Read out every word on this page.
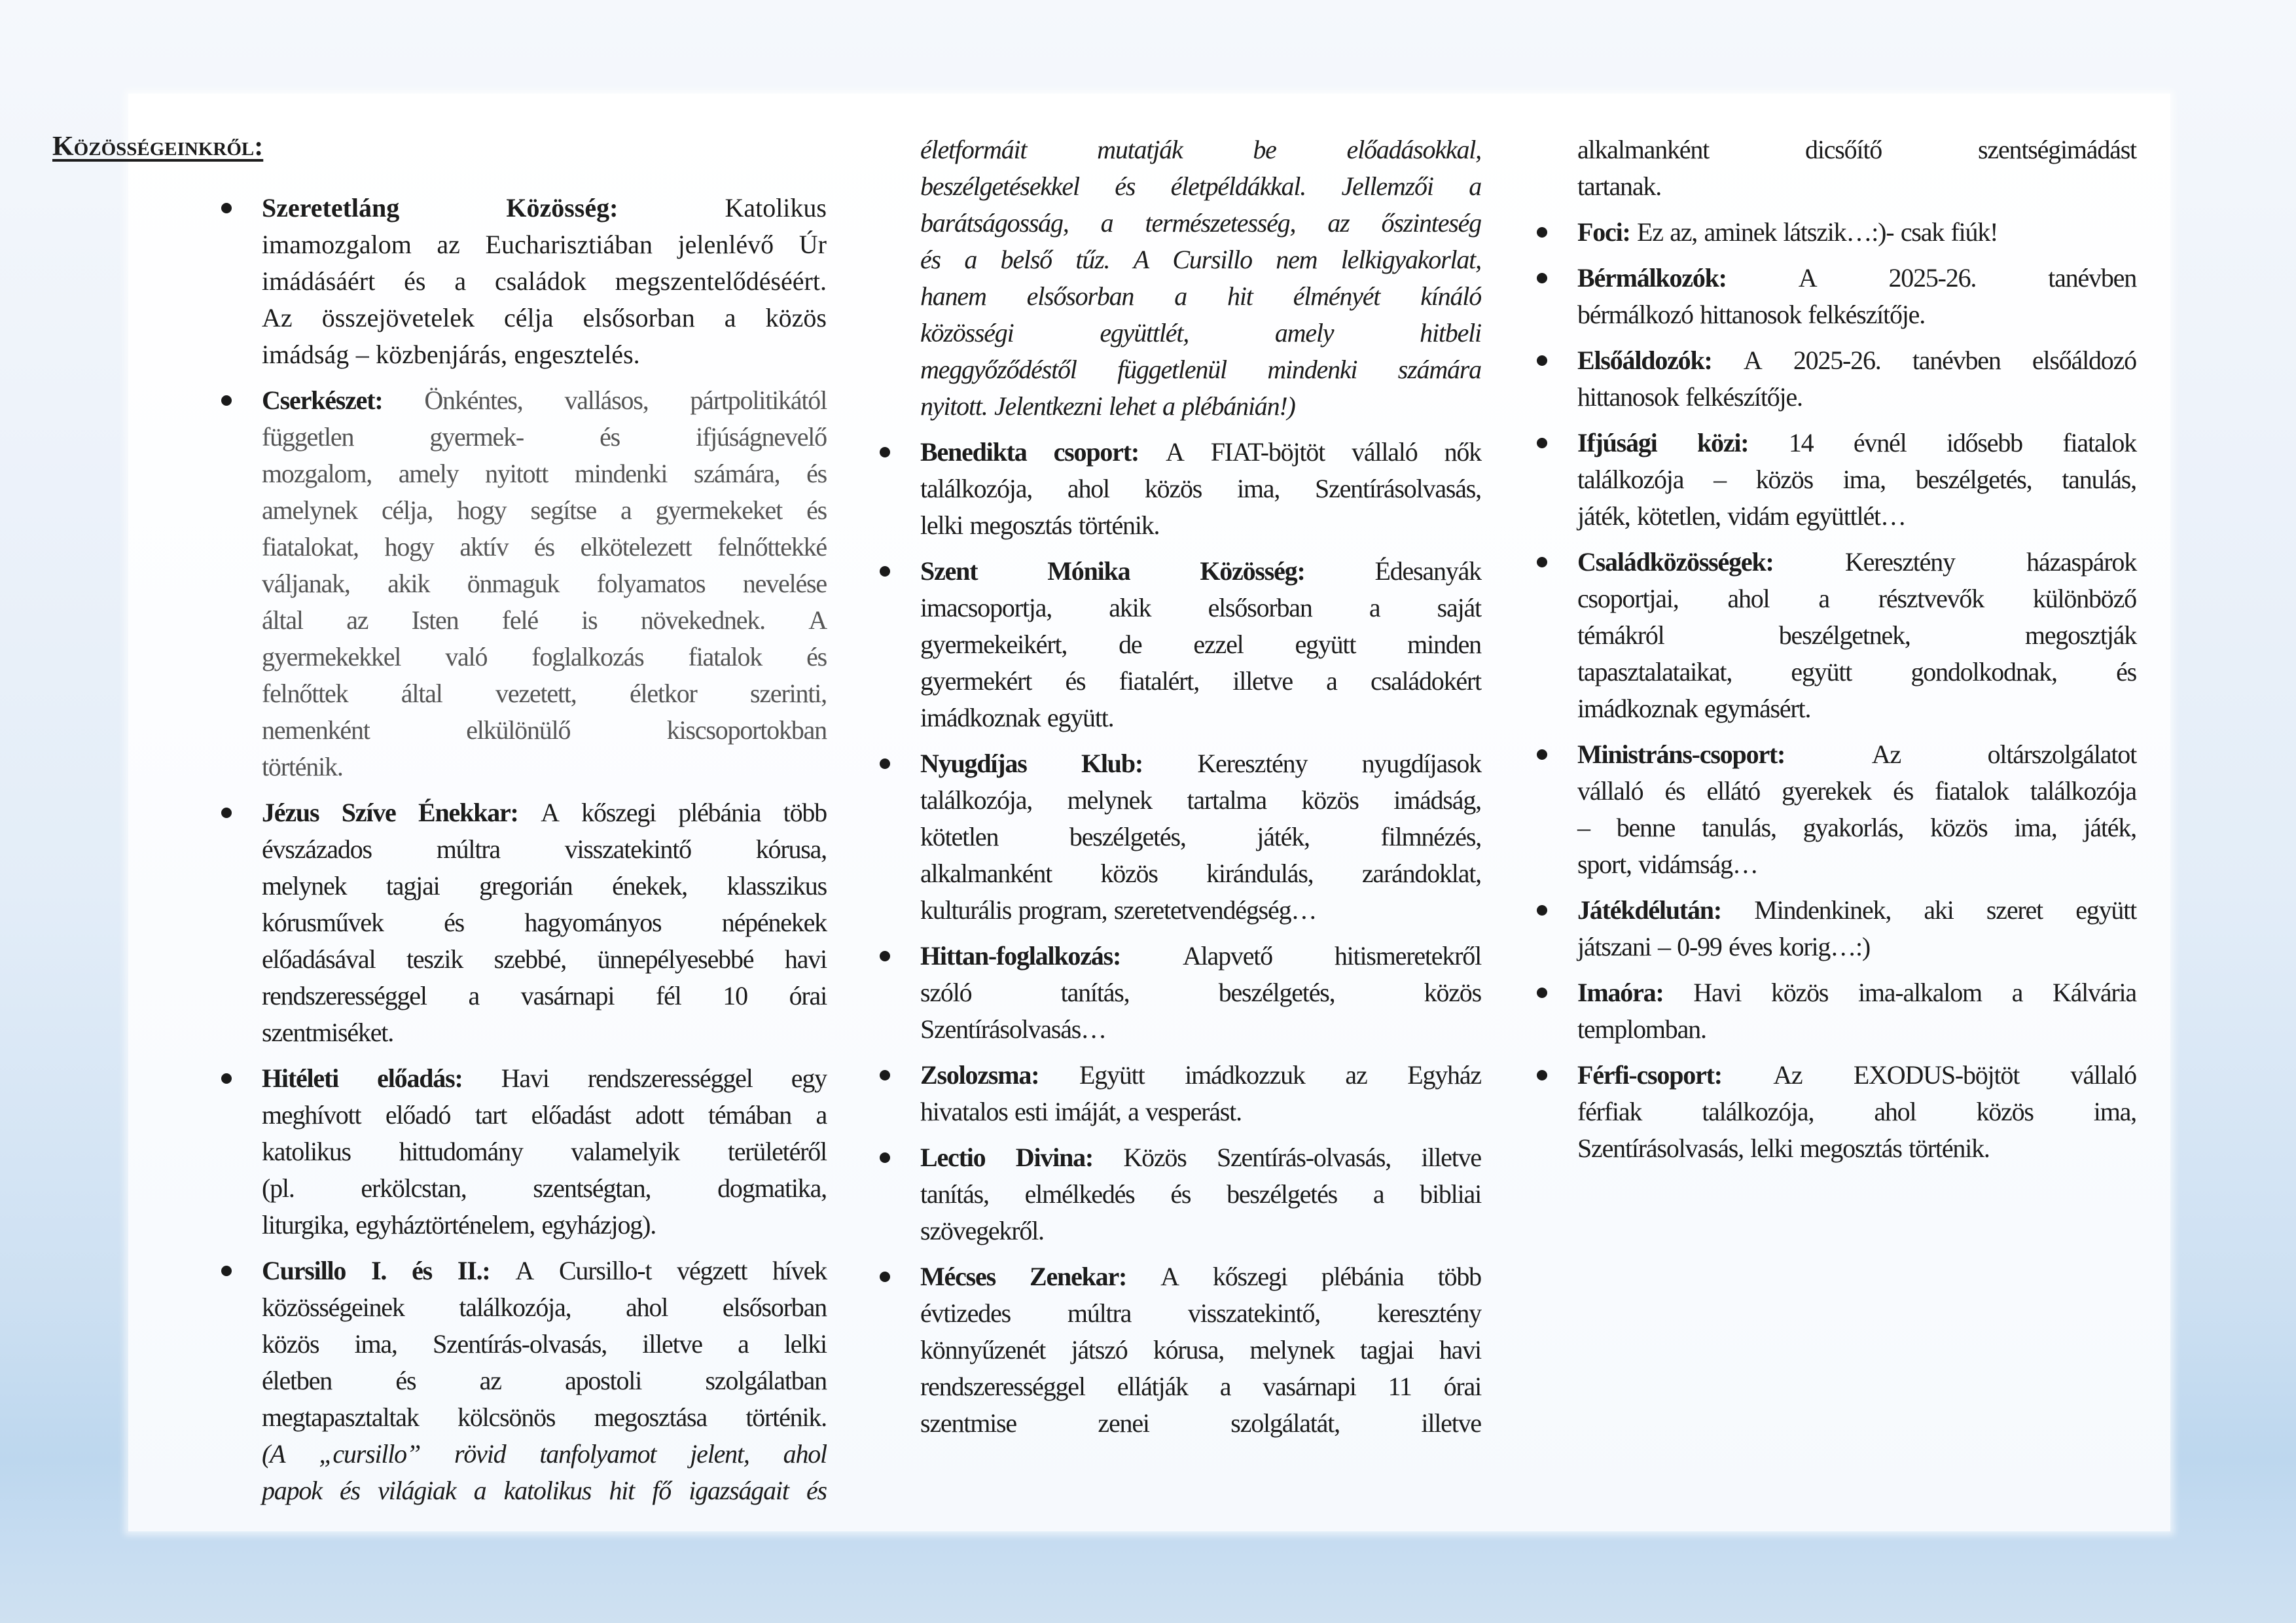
Közösségeinkről:
Szeretetláng	Közösség:	Katolikus
imamozgalom az Eucharisztiában jelenlévő Úr
imádásáért és a családok megszentelődéséért.
Az összejövetelek célja elsősorban a közös
imádság – közbenjárás, engesztelés.
Cserkészet: Önkéntes, vallásos, pártpolitikától
független	gyermek-	és	ifjúságnevelő
mozgalom, amely nyitott mindenki számára, és
amelynek célja, hogy segítse a gyermekeket és
fiatalokat, hogy aktív és elkötelezett felnőttekké
váljanak, akik önmaguk folyamatos nevelése
által az Isten felé is növekednek. A
gyermekekkel való foglalkozás fiatalok és
felnőttek által vezetett, életkor szerinti,
nemenként	elkülönülő	kiscsoportokban
történik.
Jézus Szíve Énekkar: A kőszegi plébánia több
évszázados múltra visszatekintő kórusa,
melynek tagjai gregorián énekek, klasszikus
kórusművek és hagyományos népénekek
előadásával teszik szebbé, ünnepélyesebbé havi
rendszerességgel a vasárnapi fél 10 órai
szentmiséket.
Hitéleti előadás: Havi rendszerességgel egy
meghívott előadó tart előadást adott témában a
katolikus hittudomány valamelyik területéről
(pl.	erkölcstan,	szentségtan,	dogmatika,
liturgika, egyháztörténelem, egyházjog).
Cursillo I. és II.: A Cursillo-t végzett hívek
közösségeinek találkozója, ahol elsősorban
közös ima, Szentírás-olvasás, illetve a lelki
életben és az apostoli szolgálatban
megtapasztaltak kölcsönös megosztása történik.
(A „cursillo” rövid tanfolyamot jelent, ahol
papok és világiak a katolikus hit fő igazságait és
életformáit	mutatják	be	előadásokkal,
beszélgetésekkel és életpéldákkal. Jellemzői a
barátságosság, a természetesség, az őszinteség
és a belső tűz. A Cursillo nem lelkigyakorlat,
hanem elsősorban a hit élményét kínáló
közösségi	együttlét,	amely	hitbeli
meggyőződéstől függetlenül mindenki számára
nyitott. Jelentkezni lehet a plébánián!)
Benedikta csoport: A FIAT-böjtöt vállaló nők
találkozója, ahol közös ima, Szentírásolvasás,
lelki megosztás történik.
Szent	Mónika	Közösség:	Édesanyák
imacsoportja, akik elsősorban a saját
gyermekeikért, de ezzel együtt minden
gyermekért és fiatalért, illetve a családokért
imádkoznak együtt.
Nyugdíjas Klub: Keresztény nyugdíjasok
találkozója, melynek tartalma közös imádság,
kötetlen	beszélgetés,	játék,	filmnézés,
alkalmanként közös kirándulás, zarándoklat,
kulturális program, szeretetvendégség…
Hittan-foglalkozás: Alapvető hitismeretekről
szóló	tanítás,	beszélgetés,	közös
Szentírásolvasás…
Zsolozsma: Együtt imádkozzuk az Egyház
hivatalos esti imáját, a vesperást.
Lectio Divina: Közös Szentírás-olvasás, illetve
tanítás, elmélkedés és beszélgetés a bibliai
szövegekről.
Mécses Zenekar: A kőszegi plébánia több
évtizedes múltra visszatekintő, keresztény
könnyűzenét játszó kórusa, melynek tagjai havi
rendszerességgel ellátják a vasárnapi 11 órai
szentmise	zenei	szolgálatát,	illetve
alkalmanként	dicsőítő	szentségimádást
tartanak.
Foci: Ez az, aminek látszik…:)- csak fiúk!
Bérmálkozók:	A	2025-26.	tanévben
bérmálkozó hittanosok felkészítője.
Elsőáldozók: A 2025-26. tanévben elsőáldozó
hittanosok felkészítője.
Ifjúsági közi: 14 évnél idősebb fiatalok
találkozója – közös ima, beszélgetés, tanulás,
játék, kötetlen, vidám együttlét…
Családközösségek:	Keresztény	házaspárok
csoportjai, ahol a résztvevők különböző
témákról	beszélgetnek,	megosztják
tapasztalataikat, együtt gondolkodnak, és
imádkoznak egymásért.
Ministráns-csoport:	Az	oltárszolgálatot
vállaló és ellátó gyerekek és fiatalok találkozója
– benne tanulás, gyakorlás, közös ima, játék,
sport, vidámság…
Játékdélután: Mindenkinek, aki szeret együtt
játszani – 0-99 éves korig…:)
Imaóra: Havi közös ima-alkalom a Kálvária
templomban.
Férfi-csoport: Az EXODUS-böjtöt vállaló
férfiak találkozója, ahol közös ima,
Szentírásolvasás, lelki megosztás történik.
